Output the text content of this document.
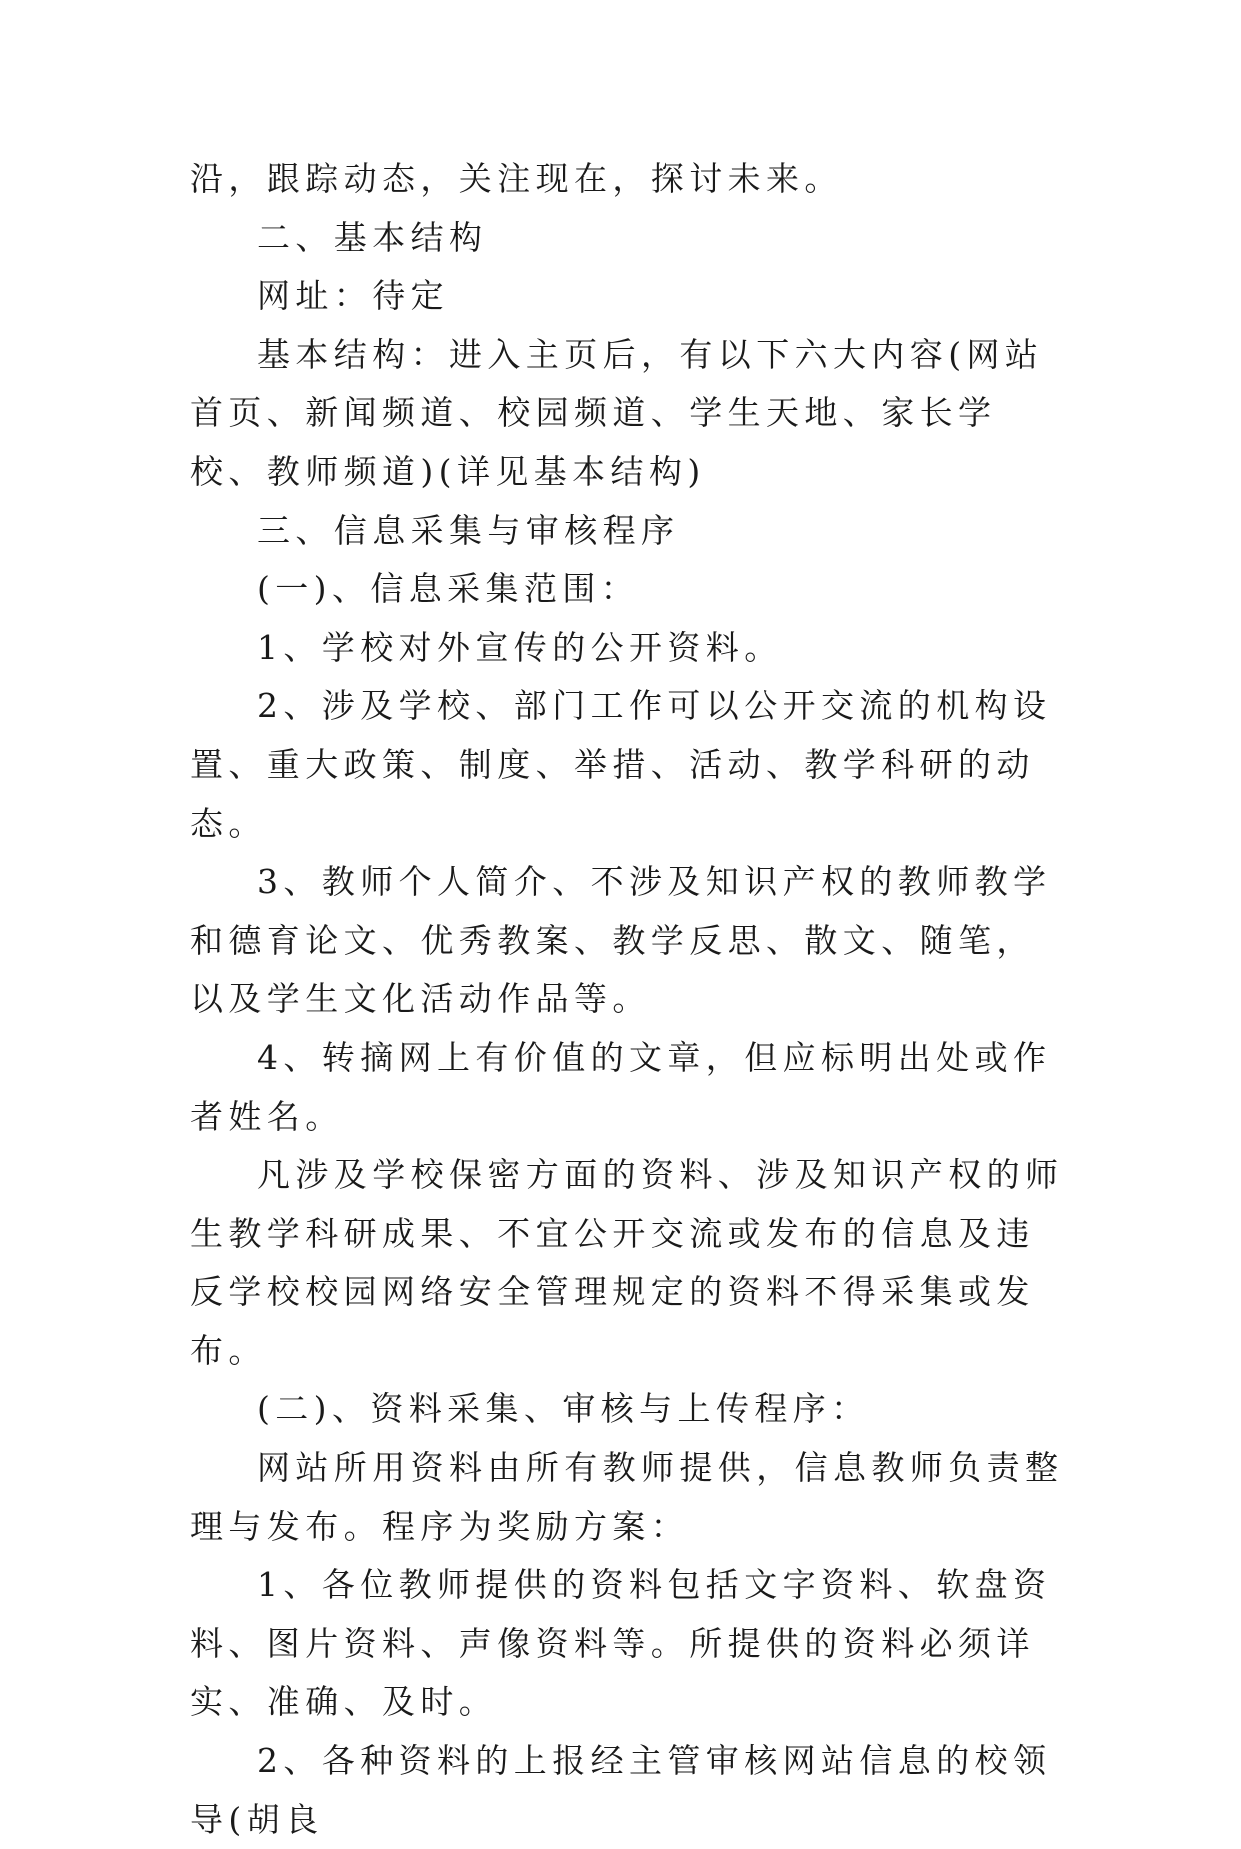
沿，跟踪动态，关注现在，探讨未来。

二、基本结构

网址：待定

基本结构：进入主页后，有以下六大内容(网站首页、新闻频道、校园频道、学生天地、家长学校、教师频道)(详见基本结构)

三、信息采集与审核程序

(一)、信息采集范围：

1、学校对外宣传的公开资料。

2、涉及学校、部门工作可以公开交流的机构设置、重大政策、制度、举措、活动、教学科研的动态。

3、教师个人简介、不涉及知识产权的教师教学和德育论文、优秀教案、教学反思、散文、随笔，以及学生文化活动作品等。

4、转摘网上有价值的文章，但应标明出处或作者姓名。

凡涉及学校保密方面的资料、涉及知识产权的师生教学科研成果、不宜公开交流或发布的信息及违反学校校园网络安全管理规定的资料不得采集或发布。

(二)、资料采集、审核与上传程序：

网站所用资料由所有教师提供，信息教师负责整理与发布。程序为奖励方案：

1、各位教师提供的资料包括文字资料、软盘资料、图片资料、声像资料等。所提供的资料必须详实、准确、及时。

2、各种资料的上报经主管审核网站信息的校领导(胡良
